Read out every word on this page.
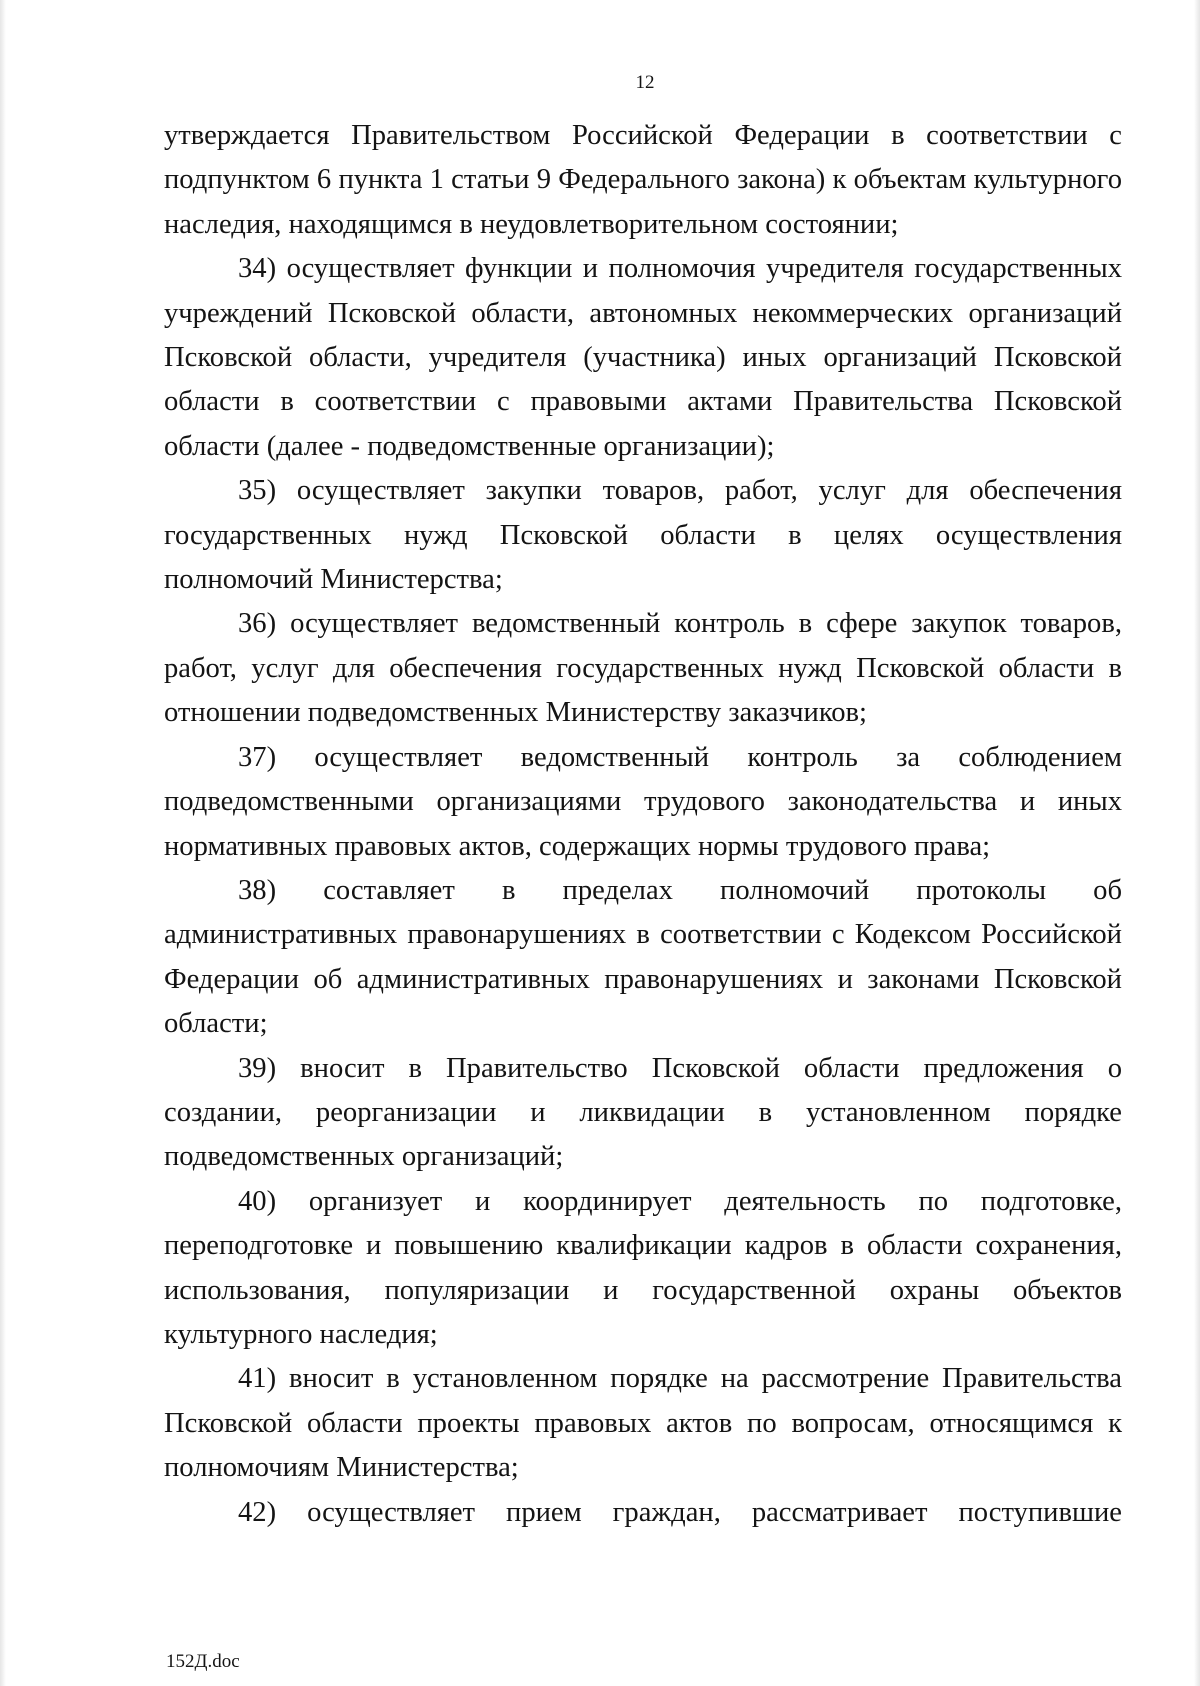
12

утверждается Правительством Российской Федерации в соответствии с подпунктом 6 пункта 1 статьи 9 Федерального закона) к объектам культурного наследия, находящимся в неудовлетворительном состоянии;

34) осуществляет функции и полномочия учредителя государственных учреждений Псковской области, автономных некоммерческих организаций Псковской области, учредителя (участника) иных организаций Псковской области в соответствии с правовыми актами Правительства Псковской области (далее - подведомственные организации);

35) осуществляет закупки товаров, работ, услуг для обеспечения государственных нужд Псковской области в целях осуществления полномочий Министерства;

36) осуществляет ведомственный контроль в сфере закупок товаров, работ, услуг для обеспечения государственных нужд Псковской области в отношении подведомственных Министерству заказчиков;

37) осуществляет ведомственный контроль за соблюдением подведомственными организациями трудового законодательства и иных нормативных правовых актов, содержащих нормы трудового права;

38) составляет в пределах полномочий протоколы об административных правонарушениях в соответствии с Кодексом Российской Федерации об административных правонарушениях и законами Псковской области;

39) вносит в Правительство Псковской области предложения о создании, реорганизации и ликвидации в установленном порядке подведомственных организаций;

40) организует и координирует деятельность по подготовке, переподготовке и повышению квалификации кадров в области сохранения, использования, популяризации и государственной охраны объектов культурного наследия;

41) вносит в установленном порядке на рассмотрение Правительства Псковской области проекты правовых актов по вопросам, относящимся к полномочиям Министерства;

42) осуществляет прием граждан, рассматривает поступившие

152Д.doc
